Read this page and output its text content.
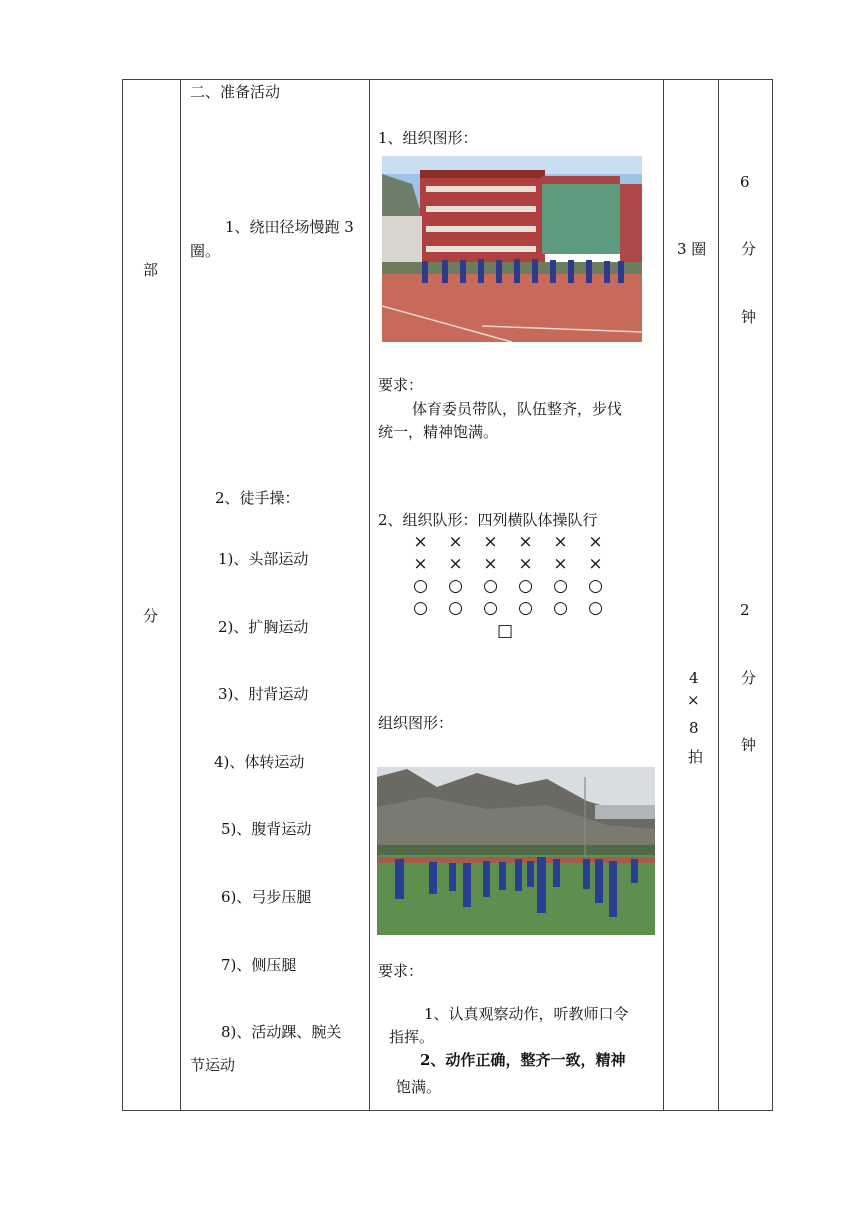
部
分
二、准备活动
1、绕田径场慢跑 3
圈。
2、徒手操：
1)、头部运动
2)、扩胸运动
3)、肘背运动
4)、体转运动
5)、腹背运动
6)、弓步压腿
7)、侧压腿
8)、活动踝、腕关
节运动
1、组织图形：
要求：
体育委员带队，队伍整齐，步伐
统一，精神饱满。
2、组织队形：四列横队体操队行
× × × × × ×
× × × × × ×
○ ○ ○ ○ ○ ○
○ ○ ○ ○ ○ ○
□
组织图形：
要求：
1、认真观察动作，听教师口令
指挥。
2、动作正确，整齐一致，精神
饱满。
3 圈
4
×
8
拍
6
分
钟
2
分
钟
